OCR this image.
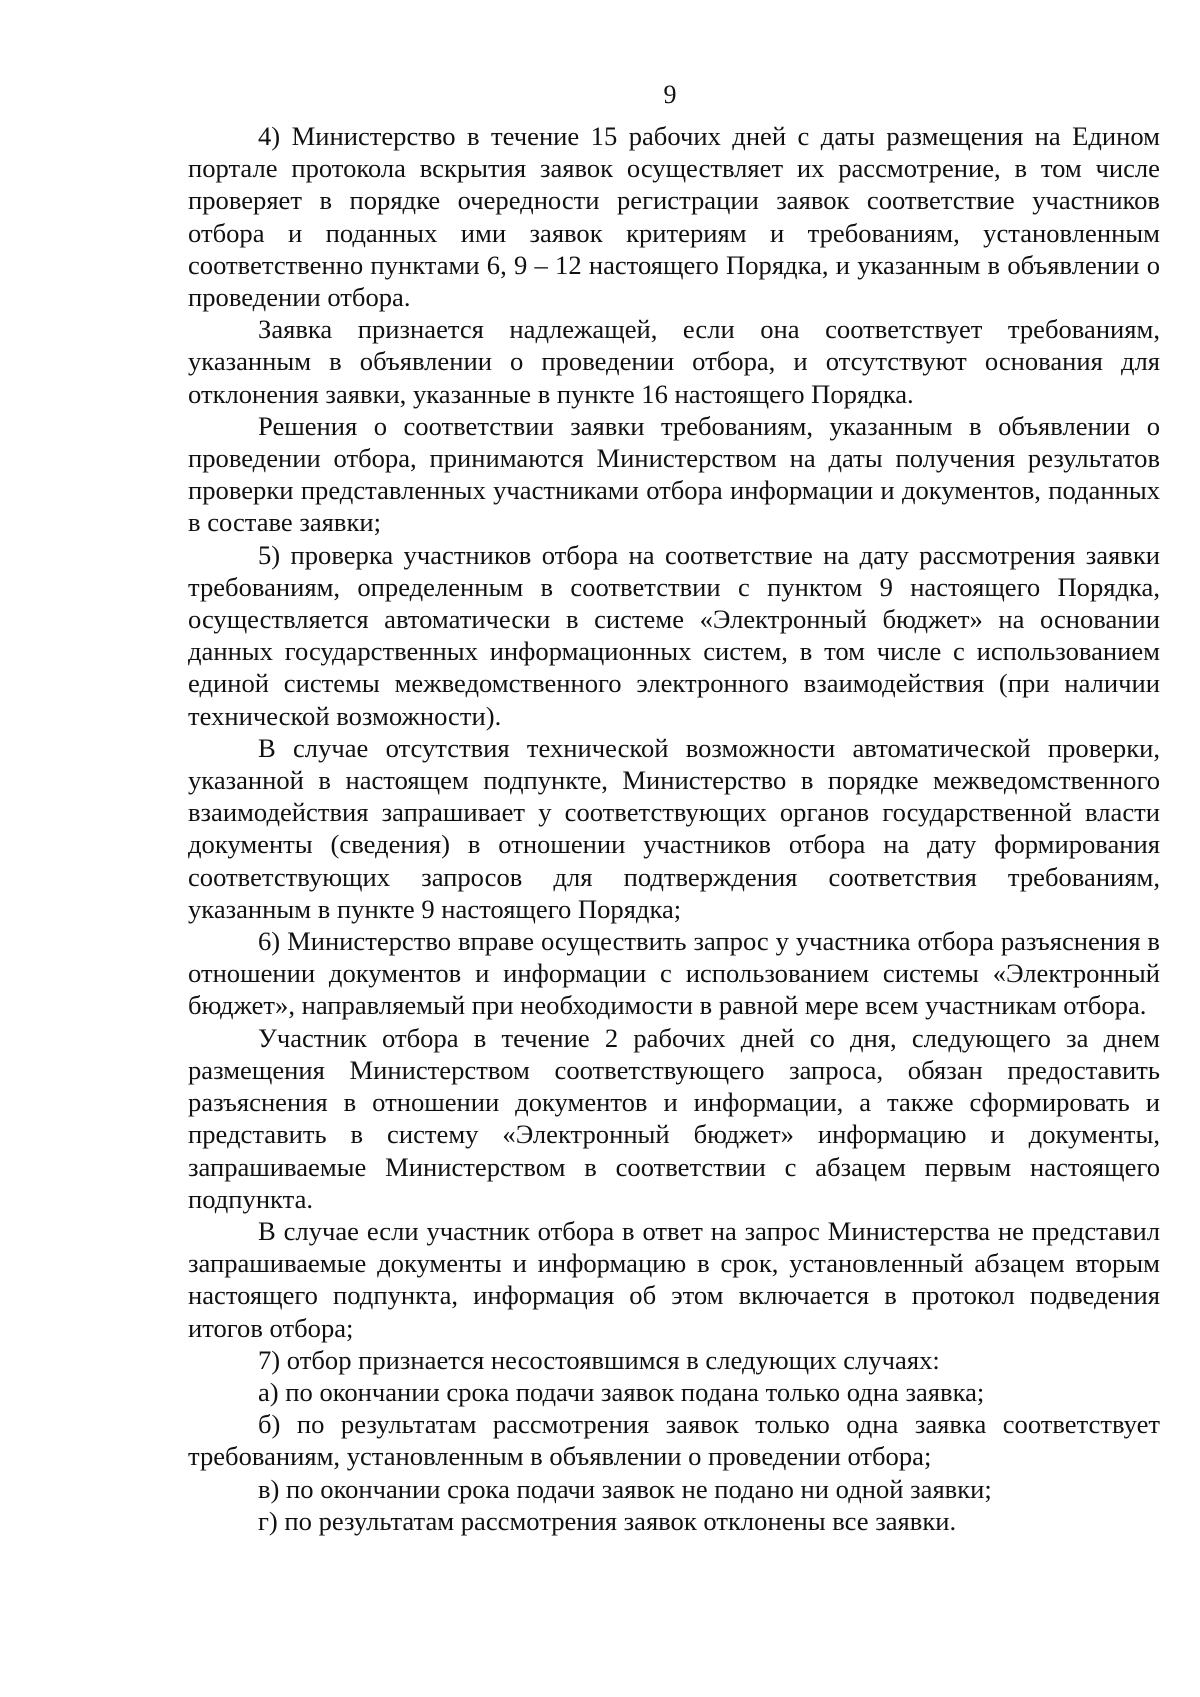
9

4) Министерство в течение 15 рабочих дней с даты размещения на Едином портале протокола вскрытия заявок осуществляет их рассмотрение, в том числе проверяет в порядке очередности регистрации заявок соответствие участников отбора и поданных ими заявок критериям и требованиям, установленным соответственно пунктами 6, 9 – 12 настоящего Порядка, и указанным в объявлении о проведении отбора.

Заявка признается надлежащей, если она соответствует требованиям, указанным в объявлении о проведении отбора, и отсутствуют основания для отклонения заявки, указанные в пункте 16 настоящего Порядка.

Решения о соответствии заявки требованиям, указанным в объявлении о проведении отбора, принимаются Министерством на даты получения результатов проверки представленных участниками отбора информации и документов, поданных в составе заявки;

5) проверка участников отбора на соответствие на дату рассмотрения заявки требованиям, определенным в соответствии с пунктом 9 настоящего Порядка, осуществляется автоматически в системе «Электронный бюджет» на основании данных государственных информационных систем, в том числе с использованием единой системы межведомственного электронного взаимодействия (при наличии технической возможности).

В случае отсутствия технической возможности автоматической проверки, указанной в настоящем подпункте, Министерство в порядке межведомственного взаимодействия запрашивает у соответствующих органов государственной власти документы (сведения) в отношении участников отбора на дату формирования соответствующих запросов для подтверждения соответствия требованиям, указанным в пункте 9 настоящего Порядка;

6) Министерство вправе осуществить запрос у участника отбора разъяснения в отношении документов и информации с использованием системы «Электронный бюджет», направляемый при необходимости в равной мере всем участникам отбора.

Участник отбора в течение 2 рабочих дней со дня, следующего за днем размещения Министерством соответствующего запроса, обязан предоставить разъяснения в отношении документов и информации, а также сформировать и представить в систему «Электронный бюджет» информацию и документы, запрашиваемые Министерством в соответствии с абзацем первым настоящего подпункта.

В случае если участник отбора в ответ на запрос Министерства не представил запрашиваемые документы и информацию в срок, установленный абзацем вторым настоящего подпункта, информация об этом включается в протокол подведения итогов отбора;

7) отбор признается несостоявшимся в следующих случаях:

а) по окончании срока подачи заявок подана только одна заявка;

б) по результатам рассмотрения заявок только одна заявка соответствует требованиям, установленным в объявлении о проведении отбора;

в) по окончании срока подачи заявок не подано ни одной заявки;

г) по результатам рассмотрения заявок отклонены все заявки.
